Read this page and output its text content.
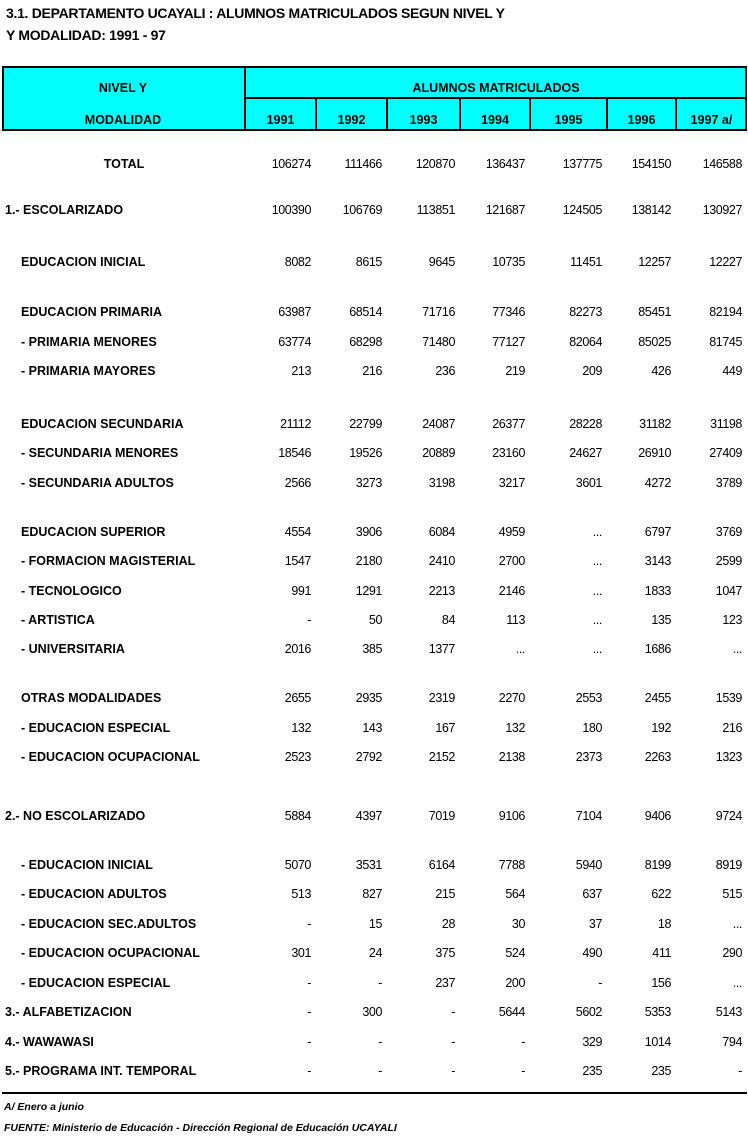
3.1. DEPARTAMENTO UCAYALI : ALUMNOS MATRICULADOS SEGUN NIVEL Y
Y MODALIDAD: 1991 - 97
NIVEL Y
MODALIDAD
ALUMNOS MATRICULADOS
1991	1992	1993	1994	1995	1996	1997 a/
TOTAL	106274	111466	120870	136437	137775	154150	146588
1.- ESCOLARIZADO	100390	106769	113851	121687	124505	138142	130927
EDUCACION INICIAL	8082	8615	9645	10735	11451	12257	12227
EDUCACION PRIMARIA	63987	68514	71716	77346	82273	85451	82194
- PRIMARIA MENORES	63774	68298	71480	77127	82064	85025	81745
- PRIMARIA MAYORES	213	216	236	219	209	426	449
EDUCACION SECUNDARIA	21112	22799	24087	26377	28228	31182	31198
- SECUNDARIA MENORES	18546	19526	20889	23160	24627	26910	27409
- SECUNDARIA ADULTOS	2566	3273	3198	3217	3601	4272	3789
EDUCACION SUPERIOR	4554	3906	6084	4959	...	6797	3769
- FORMACION MAGISTERIAL	1547	2180	2410	2700	...	3143	2599
- TECNOLOGICO	991	1291	2213	2146	...	1833	1047
- ARTISTICA	-	50	84	113	...	135	123
- UNIVERSITARIA	2016	385	1377	...	...	1686	...
OTRAS MODALIDADES	2655	2935	2319	2270	2553	2455	1539
- EDUCACION ESPECIAL	132	143	167	132	180	192	216
- EDUCACION OCUPACIONAL	2523	2792	2152	2138	2373	2263	1323
2.- NO ESCOLARIZADO	5884	4397	7019	9106	7104	9406	9724
- EDUCACION INICIAL	5070	3531	6164	7788	5940	8199	8919
- EDUCACION ADULTOS	513	827	215	564	637	622	515
- EDUCACION SEC.ADULTOS	-	15	28	30	37	18	...
- EDUCACION OCUPACIONAL	301	24	375	524	490	411	290
- EDUCACION ESPECIAL	-	-	237	200	-	156	...
3.- ALFABETIZACION	-	300	-	5644	5602	5353	5143
4.- WAWAWASI	-	-	-	-	329	1014	794
5.- PROGRAMA INT. TEMPORAL	-	-	-	-	235	235	-
A/ Enero a junio
FUENTE: Ministerio de Educación - Dirección Regional de Educación UCAYALI
